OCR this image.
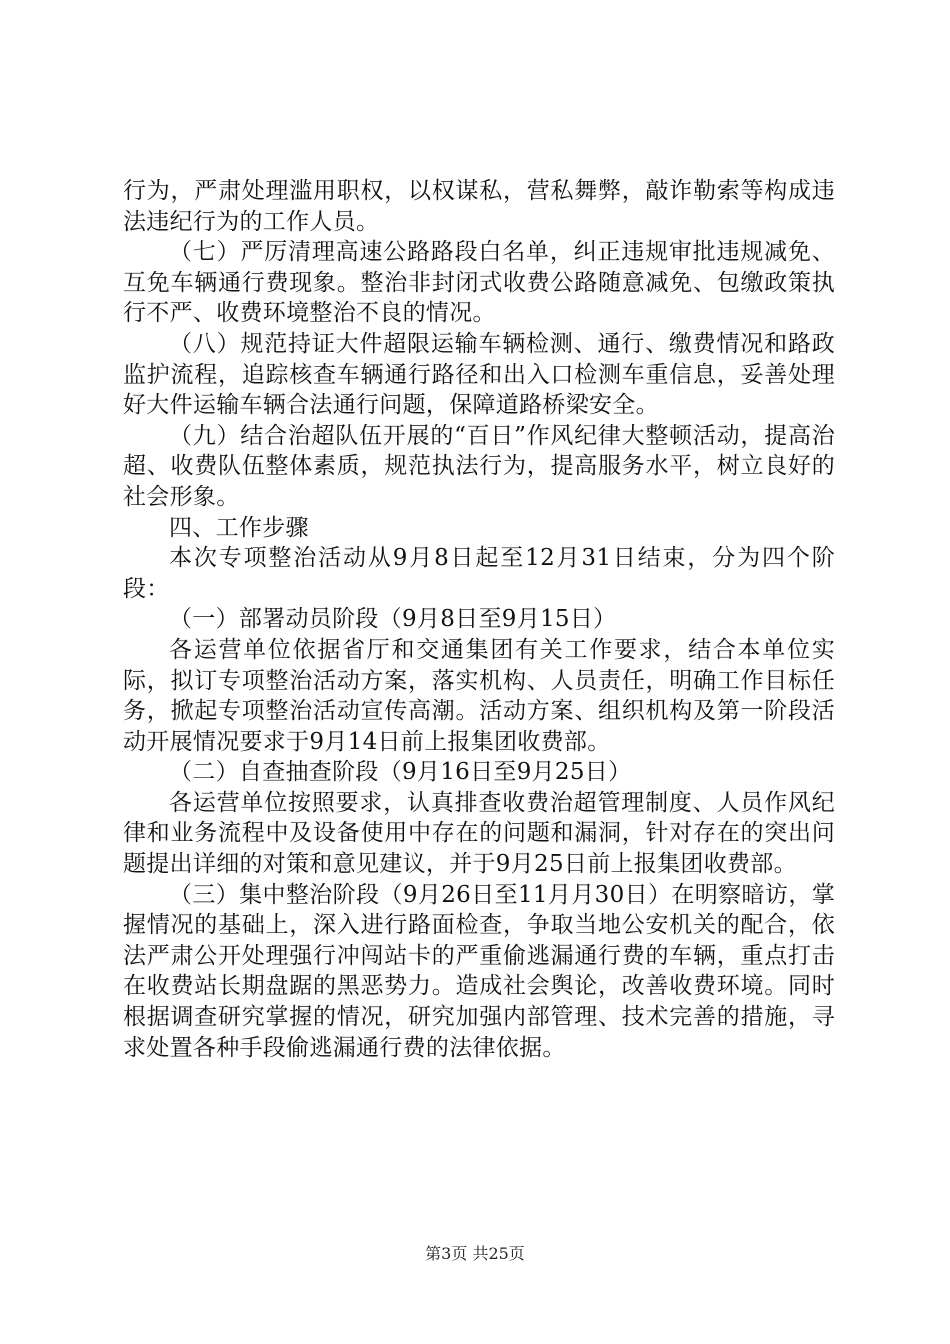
行为，严肃处理滥用职权，以权谋私，营私舞弊，敲诈勒索等构成违法违纪行为的工作人员。

（七）严厉清理高速公路路段白名单，纠正违规审批违规减免、互免车辆通行费现象。整治非封闭式收费公路随意减免、包缴政策执行不严、收费环境整治不良的情况。

（八）规范持证大件超限运输车辆检测、通行、缴费情况和路政监护流程，追踪核查车辆通行路径和出入口检测车重信息，妥善处理好大件运输车辆合法通行问题，保障道路桥梁安全。

（九）结合治超队伍开展的“百日”作风纪律大整顿活动，提高治超、收费队伍整体素质，规范执法行为，提高服务水平，树立良好的社会形象。

四、工作步骤

本次专项整治活动从9月8日起至12月31日结束，分为四个阶段：

（一）部署动员阶段（9月8日至9月15日）

各运营单位依据省厅和交通集团有关工作要求，结合本单位实际，拟订专项整治活动方案，落实机构、人员责任，明确工作目标任务，掀起专项整治活动宣传高潮。活动方案、组织机构及第一阶段活动开展情况要求于9月14日前上报集团收费部。

（二）自查抽查阶段（9月16日至9月25日）

各运营单位按照要求，认真排查收费治超管理制度、人员作风纪律和业务流程中及设备使用中存在的问题和漏洞，针对存在的突出问题提出详细的对策和意见建议，并于9月25日前上报集团收费部。

（三）集中整治阶段（9月26日至11月月30日）在明察暗访，掌握情况的基础上，深入进行路面检查，争取当地公安机关的配合，依法严肃公开处理强行冲闯站卡的严重偷逃漏通行费的车辆，重点打击在收费站长期盘踞的黑恶势力。造成社会舆论，改善收费环境。同时根据调查研究掌握的情况，研究加强内部管理、技术完善的措施，寻求处置各种手段偷逃漏通行费的法律依据。

第3页 共25页
